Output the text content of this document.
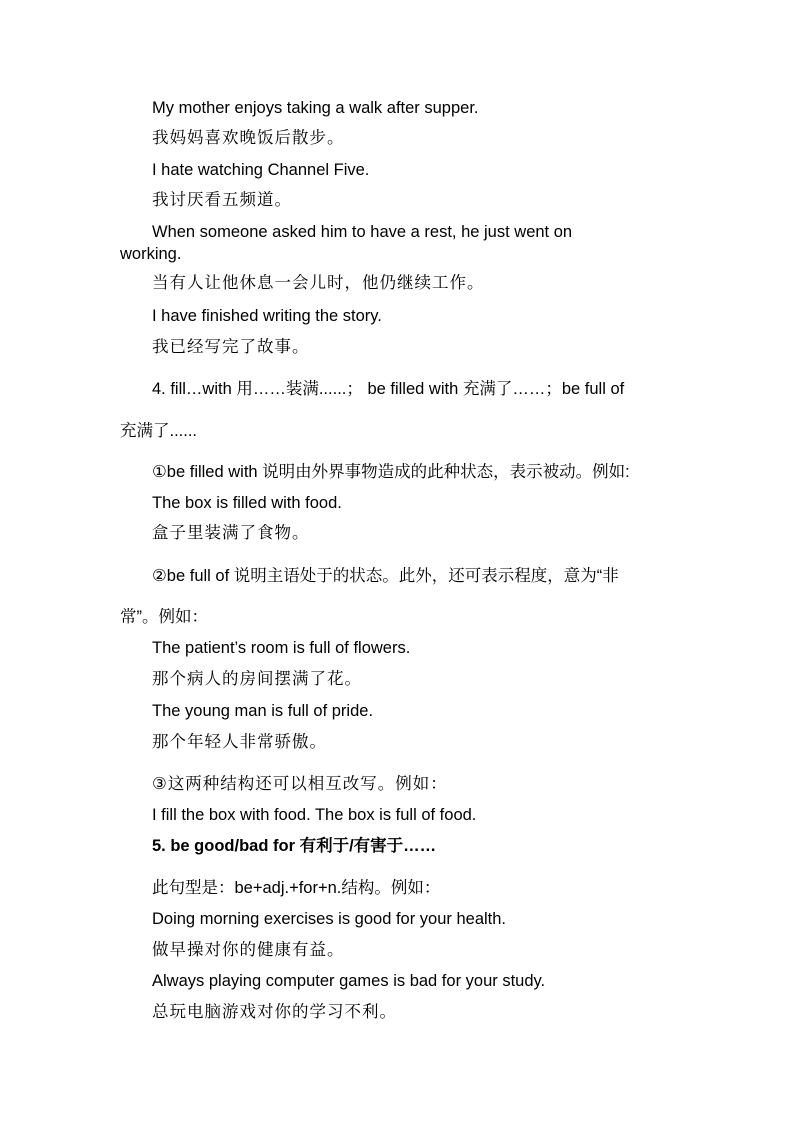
My mother enjoys taking a walk after supper.
我妈妈喜欢晚饭后散步。
I hate watching Channel Five.
我讨厌看五频道。
When someone asked him to have a rest, he just went on working.
当有人让他休息一会儿时，他仍继续工作。
I have finished writing the story.
我已经写完了故事。
4. fill…with 用……装满......； be filled with 充满了……；be full of
充满了......
①be filled with 说明由外界事物造成的此种状态，表示被动。例如:
The box is filled with food.
盒子里装满了食物。
②be full of 说明主语处于的状态。此外，还可表示程度，意为“非
常”。例如：
The patient’s room is full of flowers.
那个病人的房间摆满了花。
The young man is full of pride.
那个年轻人非常骄傲。
③这两种结构还可以相互改写。例如：
I fill the box with food. The box is full of food.
5. be good/bad for 有利于/有害于……
此句型是：be+adj.+for+n.结构。例如：
Doing morning exercises is good for your health.
做早操对你的健康有益。
Always playing computer games is bad for your study.
总玩电脑游戏对你的学习不利。
